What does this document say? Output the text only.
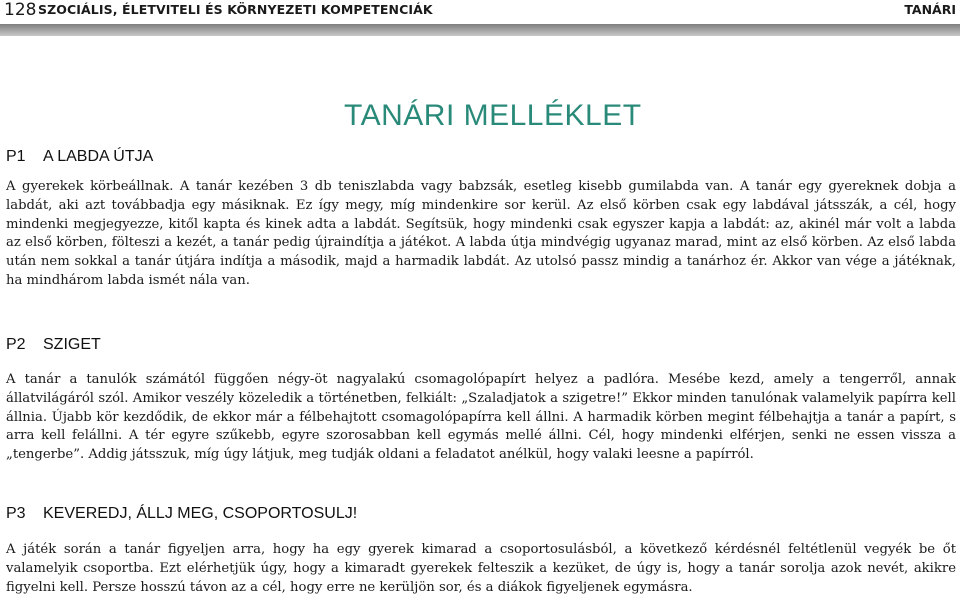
128 SZOCIÁLIS, ÉLETVITELI ÉS KÖRNYEZETI KOMPETENCIÁK	TANÁRI
TANÁRI MELLÉKLET
P1 A LABDA ÚTJA

A gyerekek körbeállnak. A tanár kezében 3 db teniszlabda vagy babzsák, esetleg kisebb gumilabda van. A tanár egy gyereknek dobja a labdát, aki azt továbbadja egy másiknak. Ez így megy, míg mindenkire sor kerül. Az első körben csak egy labdával játsszák, a cél, hogy mindenki megjegyezze, kitől kapta és kinek adta a labdát. Segítsük, hogy mindenki csak egyszer kapja a labdát: az, akinél már volt a labda az első körben, fölteszi a kezét, a tanár pedig újraindítja a játékot. A labda útja mindvégig ugyanaz marad, mint az első körben. Az első labda után nem sokkal a tanár útjára indítja a második, majd a harmadik labdát. Az utolsó passz mindig a tanárhoz ér. Akkor van vége a játéknak, ha mindhárom labda ismét nála van.

P2 SZIGET

A tanár a tanulók számától függően négy-öt nagyalakú csomagolópapírt helyez a padlóra. Mesébe kezd, amely a tengerről, annak állatvilágáról szól. Amikor veszély közeledik a történetben, felkiált: „Szaladjatok a szigetre!” Ekkor minden tanulónak valamelyik papírra kell állnia. Újabb kör kezdődik, de ekkor már a félbehajtott csomagolópapírra kell állni. A harmadik körben megint félbehajtja a tanár a papírt, s arra kell felállni. A tér egyre szűkebb, egyre szorosabban kell egymás mellé állni. Cél, hogy mindenki elférjen, senki ne essen vissza a „tengerbe”. Addig játsszuk, míg úgy látjuk, meg tudják oldani a feladatot anélkül, hogy valaki leesne a papírról.

P3 KEVEREDJ, ÁLLJ MEG, CSOPORTOSULJ!

A játék során a tanár figyeljen arra, hogy ha egy gyerek kimarad a csoportosulásból, a következő kérdésnél feltétlenül vegyék be őt valamelyik csoportba. Ezt elérhetjük úgy, hogy a kimaradt gyerekek felteszik a kezüket, de úgy is, hogy a tanár sorolja azok nevét, akikre figyelni kell. Persze hosszú távon az a cél, hogy erre ne kerüljön sor, és a diákok figyeljenek egymásra.
